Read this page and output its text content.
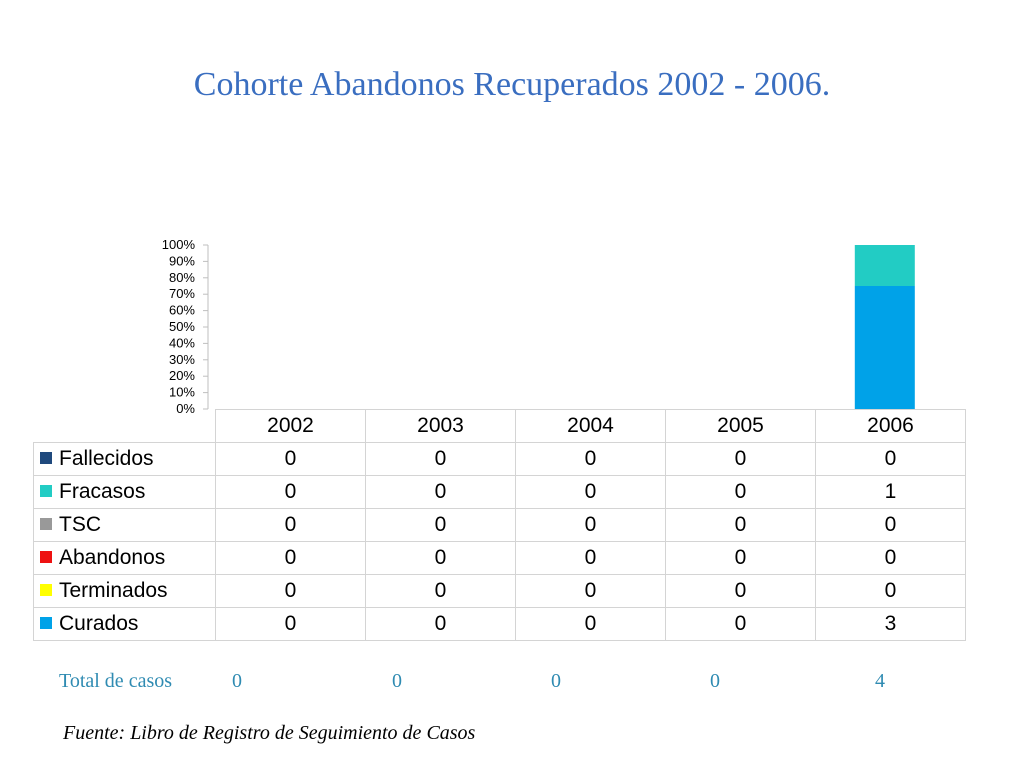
Cohorte Abandonos Recuperados 2002 - 2006.
100%
90%
80%
70%
60%
50%
40%
30%
20%
10%
0%
	2002	2003	2004	2005	2006
Fallecidos	0	0	0	0	0
Fracasos	0	0	0	0	1
TSC	0	0	0	0	0
Abandonos	0	0	0	0	0
Terminados	0	0	0	0	0
Curados	0	0	0	0	3
Total de casos	0	0	0	0	4
Fuente: Libro de Registro de Seguimiento de Casos
